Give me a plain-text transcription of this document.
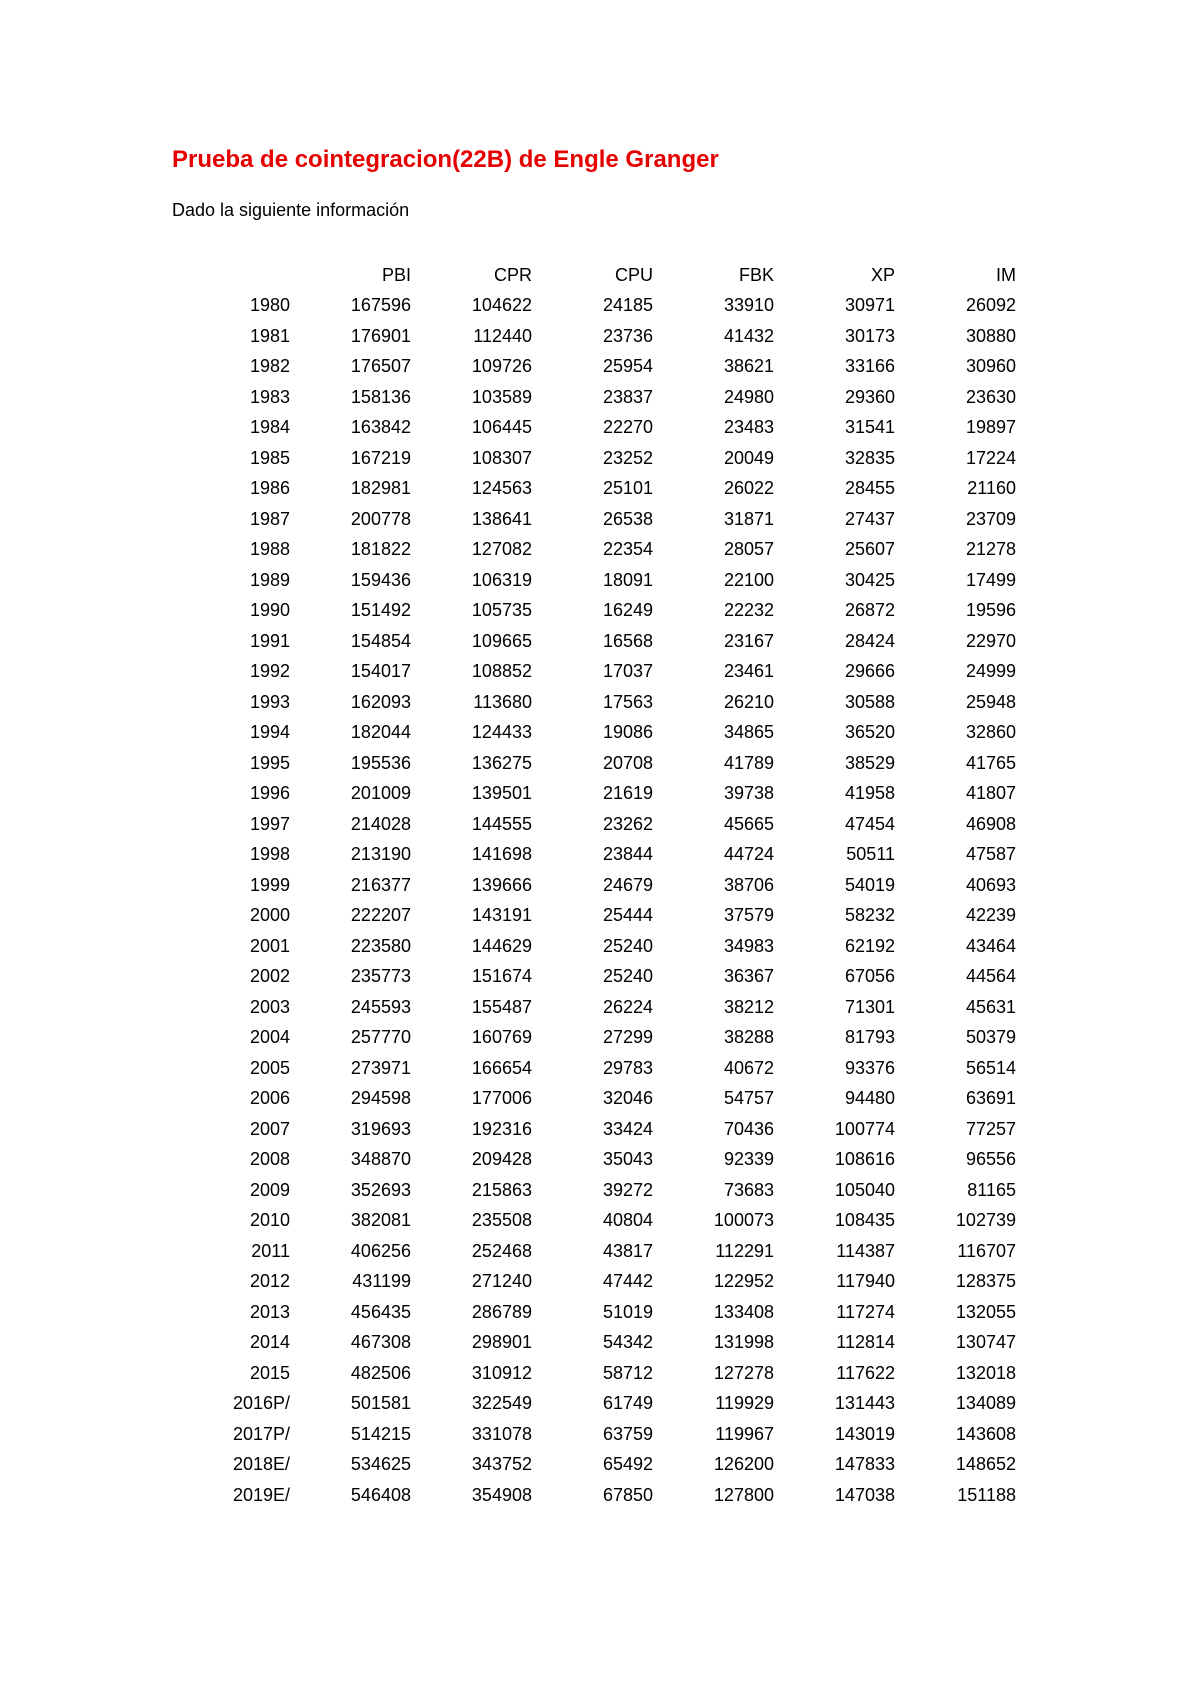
Prueba de cointegracion(22B) de Engle Granger
Dado la siguiente información
	PBI	CPR	CPU	FBK	XP	IM
1980	167596	104622	24185	33910	30971	26092
1981	176901	112440	23736	41432	30173	30880
1982	176507	109726	25954	38621	33166	30960
1983	158136	103589	23837	24980	29360	23630
1984	163842	106445	22270	23483	31541	19897
1985	167219	108307	23252	20049	32835	17224
1986	182981	124563	25101	26022	28455	21160
1987	200778	138641	26538	31871	27437	23709
1988	181822	127082	22354	28057	25607	21278
1989	159436	106319	18091	22100	30425	17499
1990	151492	105735	16249	22232	26872	19596
1991	154854	109665	16568	23167	28424	22970
1992	154017	108852	17037	23461	29666	24999
1993	162093	113680	17563	26210	30588	25948
1994	182044	124433	19086	34865	36520	32860
1995	195536	136275	20708	41789	38529	41765
1996	201009	139501	21619	39738	41958	41807
1997	214028	144555	23262	45665	47454	46908
1998	213190	141698	23844	44724	50511	47587
1999	216377	139666	24679	38706	54019	40693
2000	222207	143191	25444	37579	58232	42239
2001	223580	144629	25240	34983	62192	43464
2002	235773	151674	25240	36367	67056	44564
2003	245593	155487	26224	38212	71301	45631
2004	257770	160769	27299	38288	81793	50379
2005	273971	166654	29783	40672	93376	56514
2006	294598	177006	32046	54757	94480	63691
2007	319693	192316	33424	70436	100774	77257
2008	348870	209428	35043	92339	108616	96556
2009	352693	215863	39272	73683	105040	81165
2010	382081	235508	40804	100073	108435	102739
2011	406256	252468	43817	112291	114387	116707
2012	431199	271240	47442	122952	117940	128375
2013	456435	286789	51019	133408	117274	132055
2014	467308	298901	54342	131998	112814	130747
2015	482506	310912	58712	127278	117622	132018
2016P/	501581	322549	61749	119929	131443	134089
2017P/	514215	331078	63759	119967	143019	143608
2018E/	534625	343752	65492	126200	147833	148652
2019E/	546408	354908	67850	127800	147038	151188
